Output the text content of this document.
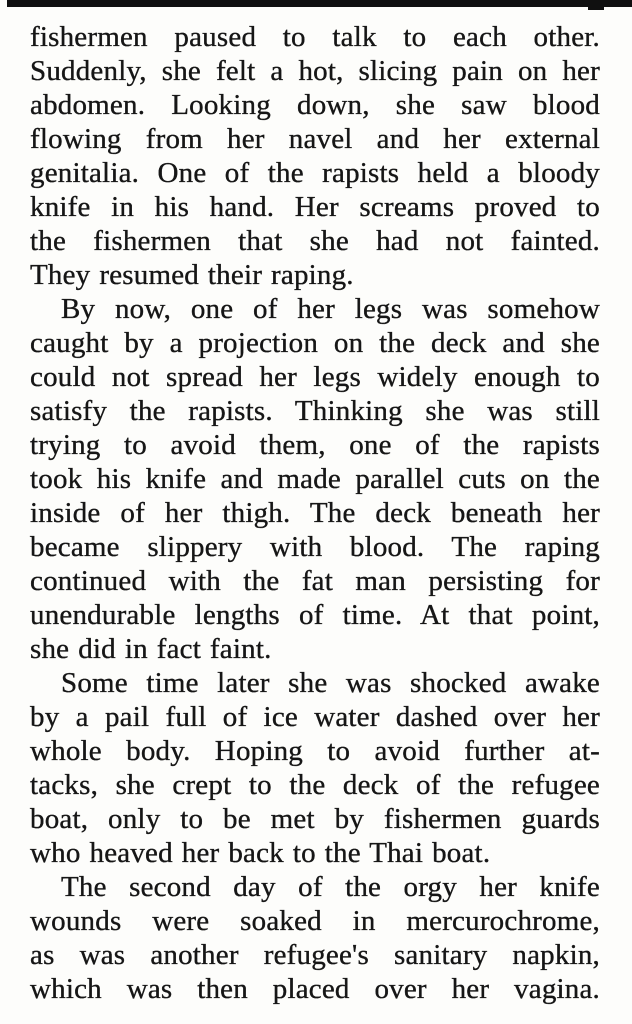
fishermen paused to talk to each other.
Suddenly, she felt a hot, slicing pain on her
abdomen. Looking down, she saw blood
flowing from her navel and her external
genitalia. One of the rapists held a bloody
knife in his hand. Her screams proved to
the fishermen that she had not fainted.
They resumed their raping.
By now, one of her legs was somehow
caught by a projection on the deck and she
could not spread her legs widely enough to
satisfy the rapists. Thinking she was still
trying to avoid them, one of the rapists
took his knife and made parallel cuts on the
inside of her thigh. The deck beneath her
became slippery with blood. The raping
continued with the fat man persisting for
unendurable lengths of time. At that point,
she did in fact faint.
Some time later she was shocked awake
by a pail full of ice water dashed over her
whole body. Hoping to avoid further at-
tacks, she crept to the deck of the refugee
boat, only to be met by fishermen guards
who heaved her back to the Thai boat.
The second day of the orgy her knife
wounds were soaked in mercurochrome,
as was another refugee's sanitary napkin,
which was then placed over her vagina.
